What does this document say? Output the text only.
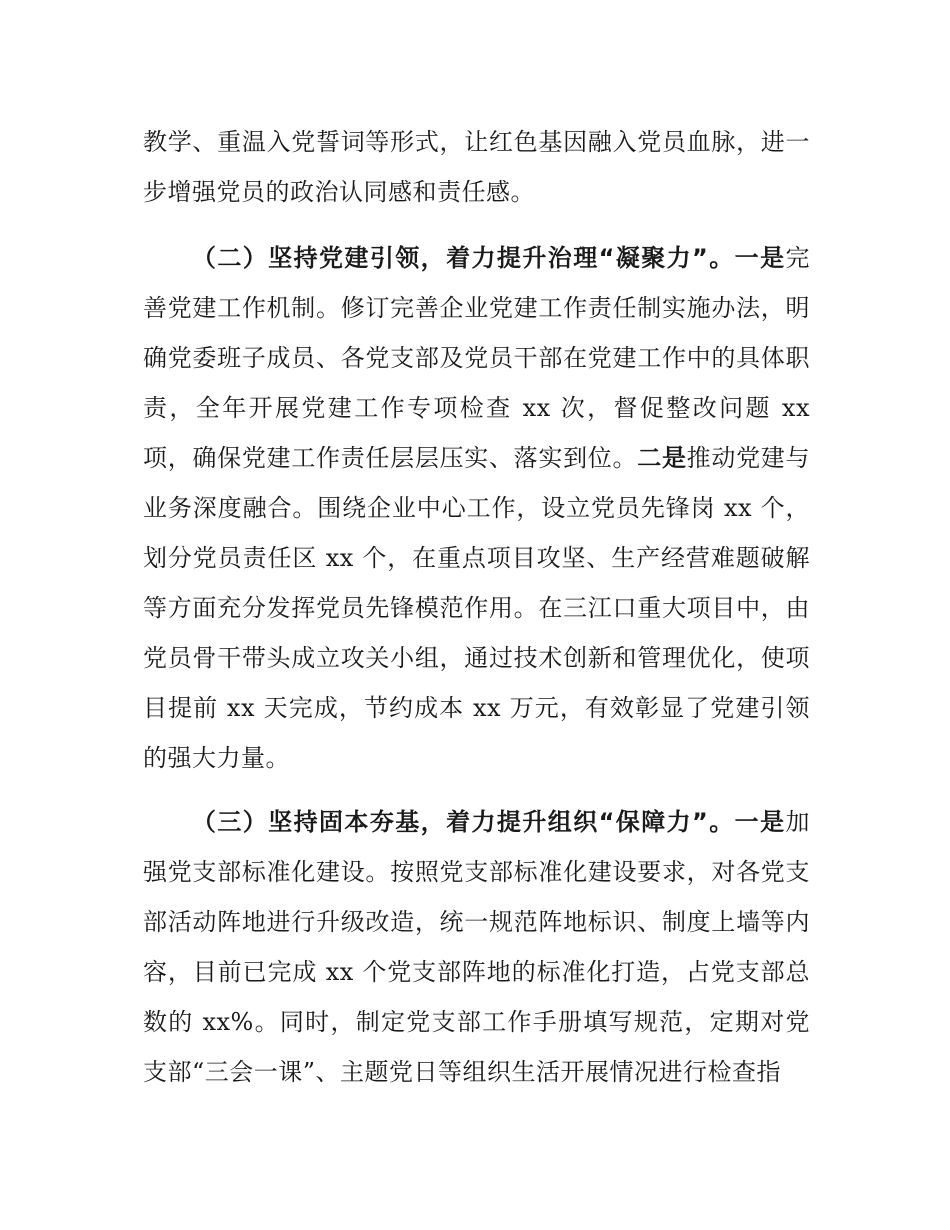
教学、重温入党誓词等形式，让红色基因融入党员血脉，进一步增强党员的政治认同感和责任感。

（二）坚持党建引领，着力提升治理“凝聚力”。一是完善党建工作机制。修订完善企业党建工作责任制实施办法，明确党委班子成员、各党支部及党员干部在党建工作中的具体职责，全年开展党建工作专项检查 xx 次，督促整改问题 xx 项，确保党建工作责任层层压实、落实到位。二是推动党建与业务深度融合。围绕企业中心工作，设立党员先锋岗 xx 个，划分党员责任区 xx 个，在重点项目攻坚、生产经营难题破解等方面充分发挥党员先锋模范作用。在三江口重大项目中，由党员骨干带头成立攻关小组，通过技术创新和管理优化，使项目提前 xx 天完成，节约成本 xx 万元，有效彰显了党建引领的强大力量。

（三）坚持固本夯基，着力提升组织“保障力”。一是加强党支部标准化建设。按照党支部标准化建设要求，对各党支部活动阵地进行升级改造，统一规范阵地标识、制度上墙等内容，目前已完成 xx 个党支部阵地的标准化打造，占党支部总数的 xx%。同时，制定党支部工作手册填写规范，定期对党支部“三会一课”、主题党日等组织生活开展情况进行检查指
